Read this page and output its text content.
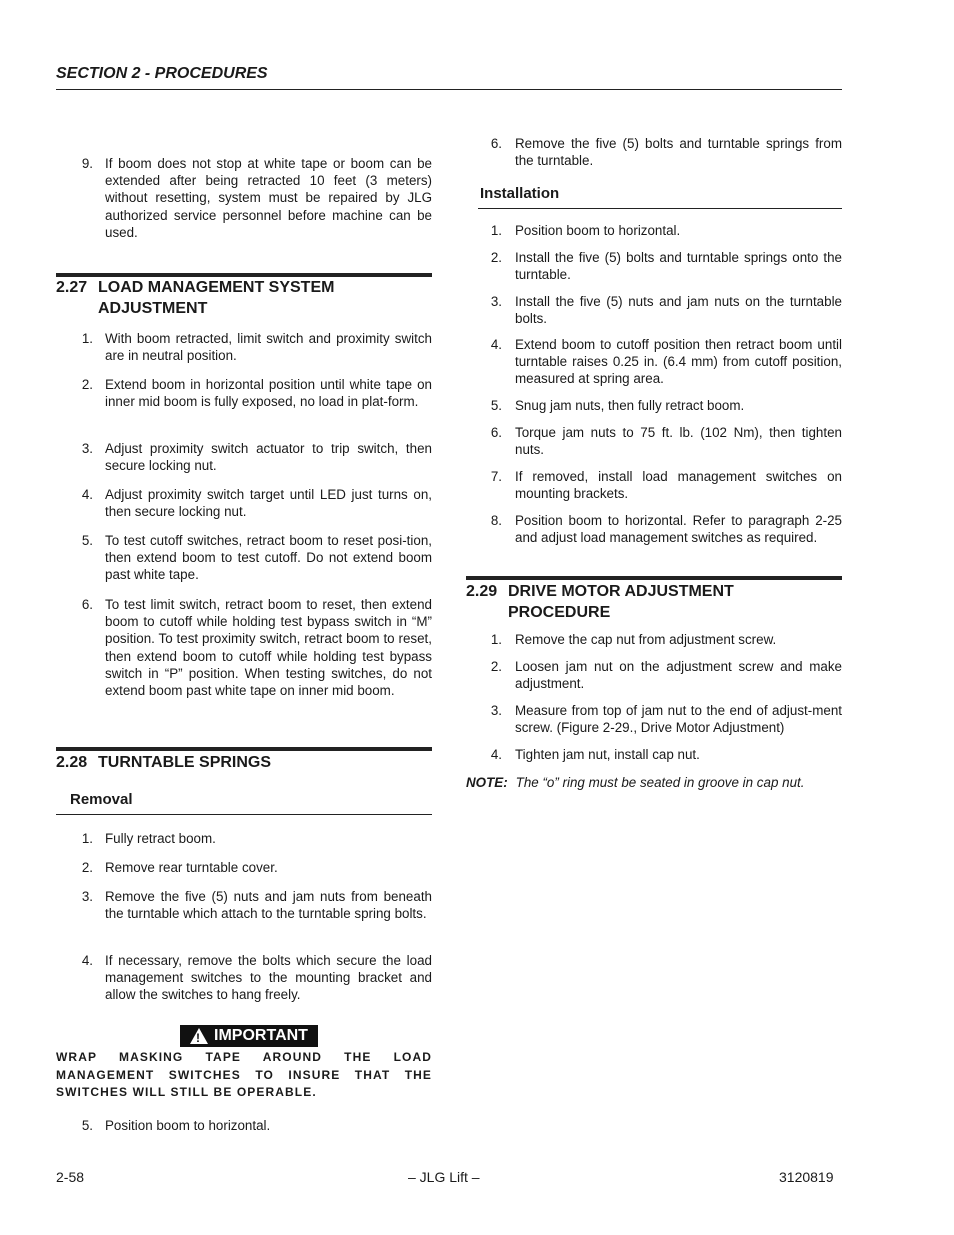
SECTION 2 - PROCEDURES
9. If boom does not stop at white tape or boom can be extended after being retracted 10 feet (3 meters) without resetting, system must be repaired by JLG authorized service personnel before machine can be used.
2.27 LOAD MANAGEMENT SYSTEM
ADJUSTMENT
1. With boom retracted, limit switch and proximity switch are in neutral position.
2. Extend boom in horizontal position until white tape on inner mid boom is fully exposed, no load in plat-form.
3. Adjust proximity switch actuator to trip switch, then secure locking nut.
4. Adjust proximity switch target until LED just turns on, then secure locking nut.
5. To test cutoff switches, retract boom to reset posi-tion, then extend boom to test cutoff. Do not extend boom past white tape.
6. To test limit switch, retract boom to reset, then extend boom to cutoff while holding test bypass switch in “M” position. To test proximity switch, retract boom to reset, then extend boom to cutoff while holding test bypass switch in “P” position. When testing switches, do not extend boom past white tape on inner mid boom.
2.28 TURNTABLE SPRINGS
Removal
1. Fully retract boom.
2. Remove rear turntable cover.
3. Remove the five (5) nuts and jam nuts from beneath the turntable which attach to the turntable spring bolts.
4. If necessary, remove the bolts which secure the load management switches to the mounting bracket and allow the switches to hang freely.
! IMPORTANT
WRAP MASKING TAPE AROUND THE LOAD MANAGEMENT SWITCHES TO INSURE THAT THE SWITCHES WILL STILL BE OPERABLE.
5. Position boom to horizontal.
6. Remove the five (5) bolts and turntable springs from the turntable.
Installation
1. Position boom to horizontal.
2. Install the five (5) bolts and turntable springs onto the turntable.
3. Install the five (5) nuts and jam nuts on the turntable bolts.
4. Extend boom to cutoff position then retract boom until turntable raises 0.25 in. (6.4 mm) from cutoff position, measured at spring area.
5. Snug jam nuts, then fully retract boom.
6. Torque jam nuts to 75 ft. lb. (102 Nm), then tighten nuts.
7. If removed, install load management switches on mounting brackets.
8. Position boom to horizontal. Refer to paragraph 2-25 and adjust load management switches as required.
2.29 DRIVE MOTOR ADJUSTMENT
PROCEDURE
1. Remove the cap nut from adjustment screw.
2. Loosen jam nut on the adjustment screw and make adjustment.
3. Measure from top of jam nut to the end of adjust-ment screw. (Figure 2-29., Drive Motor Adjustment)
4. Tighten jam nut, install cap nut.
NOTE: The “o” ring must be seated in groove in cap nut.
2-58	– JLG Lift –	3120819
